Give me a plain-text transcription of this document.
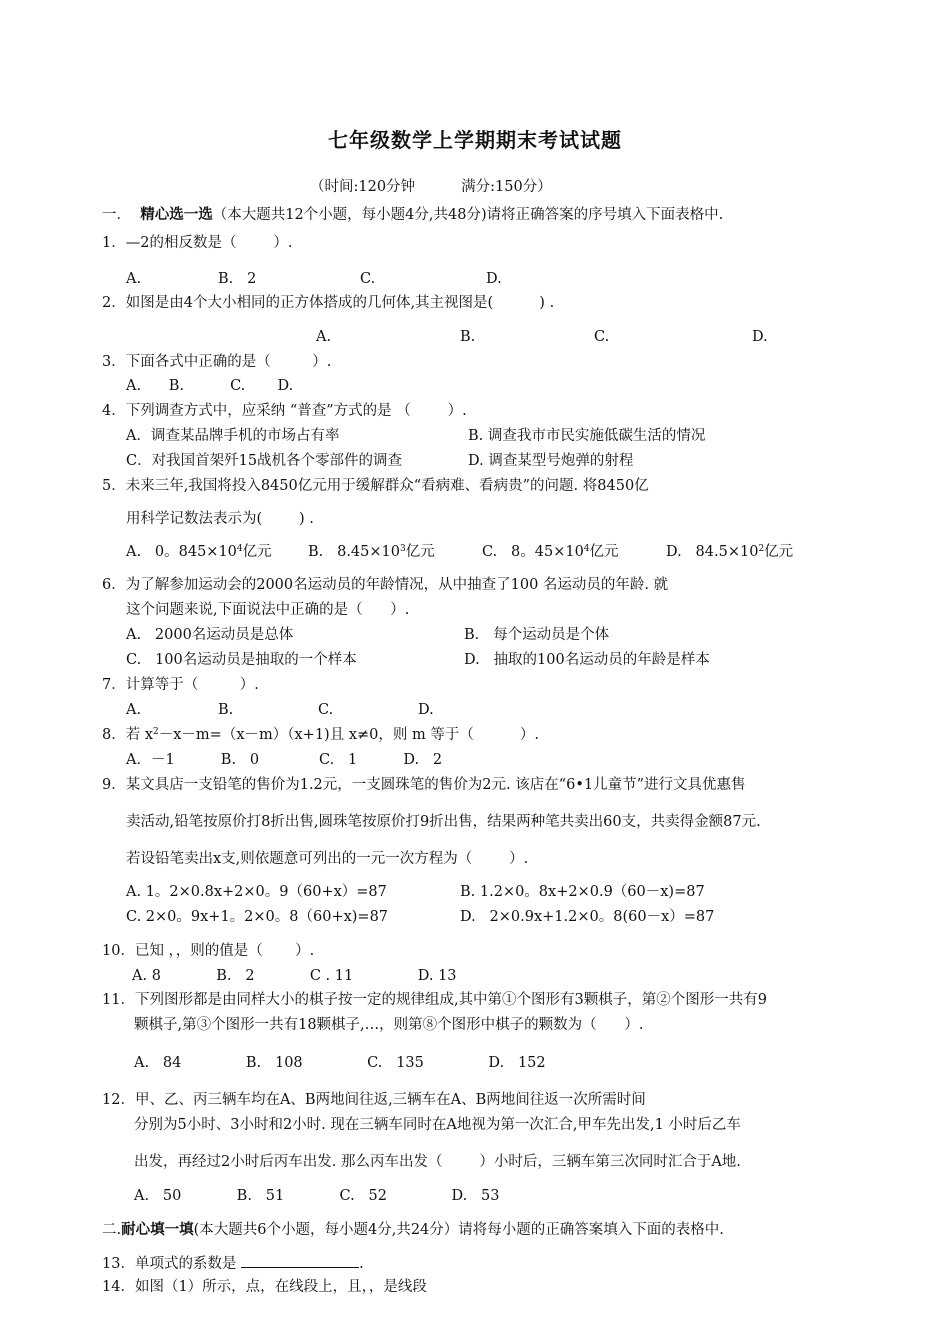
七年级数学上学期期末考试试题
（时间:120分钟          满分:150分）
一． 精心选一选（本大题共12个小题，每小题4分,共48分)请将正确答案的序号填入下面表格中.
1．—2的相反数是（        ）.
A.	B.   2	C.	D.
2．如图是由4个大小相同的正方体搭成的几何体,其主视图是(          ) .
A.	B.	C.	D.
3．下面各式中正确的是（         ）.
A.      B.          C.       D.
4．下列调查方式中，应采纳 “普查”方式的是 （        ）.
A．调查某品牌手机的市场占有率	B. 调查我市市民实施低碳生活的情况
C．对我国首架歼15战机各个零部件的调查	D. 调查某型号炮弹的射程
5．未来三年,我国将投入8450亿元用于缓解群众“看病难、看病贵”的问题. 将8450亿
用科学记数法表示为(        ) .
A.   0。$845\times 10^4$亿元	B.   $8.45\times 10^3$亿元	C.   8。$45\times 10^4$亿元	D.   $84.5\times 10^2$亿元
6．为了解参加运动会的2000名运动员的年龄情况，从中抽查了100 名运动员的年龄. 就
这个问题来说,下面说法中正确的是（      ）.
A.   2000名运动员是总体	B.   每个运动员是个体
C.   100名运动员是抽取的一个样本	D.   抽取的100名运动员的年龄是样本
7．计算等于（         ）.
A.	B.	C.	D.
8．若 $x^2-x-m=(x-m)(x+1)$且 x≠0，则 m 等于（          ）.
A．－1          B.   0             C.   1          D.   2
9．某文具店一支铅笔的售价为1.2元，一支圆珠笔的售价为2元. 该店在“6•1儿童节”进行文具优惠售
卖活动,铅笔按原价打8折出售,圆珠笔按原价打9折出售，结果两种笔共卖出60支，共卖得金额87元.
若设铅笔卖出x支,则依题意可列出的一元一次方程为（        ）.
A. 1。2×0.8x+2×0。9（60+x）=87	B. 1.2×0。8x+2×0.9（60－x)=87
C. 2×0。9x+1。2×0。8（60+x)=87	D.   2×0.9x+1.2×0。8(60－x）=87
10．已知 ，，则的值是（       ）.
A. 8            B.   2            C . 11              D. 13
11．下列图形都是由同样大小的棋子按一定的规律组成,其中第①个图形有3颗棋子，第②个图形一共有9
颗棋子,第③个图形一共有18颗棋子,…，则第⑧个图形中棋子的颗数为（      ）.
A.   84              B.   108              C.   135              D.   152
12．甲、乙、丙三辆车均在A、B两地间往返,三辆车在A、B两地间往返一次所需时间
分别为5小时、3小时和2小时. 现在三辆车同时在A地视为第一次汇合,甲车先出发,1 小时后乙车
出发，再经过2小时后丙车出发. 那么丙车出发（        ）小时后，三辆车第三次同时汇合于A地.
A.   50            B.   51            C.   52              D.   53
二.耐心填一填(本大题共6个小题，每小题4分,共24分）请将每小题的正确答案填入下面的表格中.
13．单项式的系数是	.
14．如图（1）所示，点，在线段上，且，，是线段
